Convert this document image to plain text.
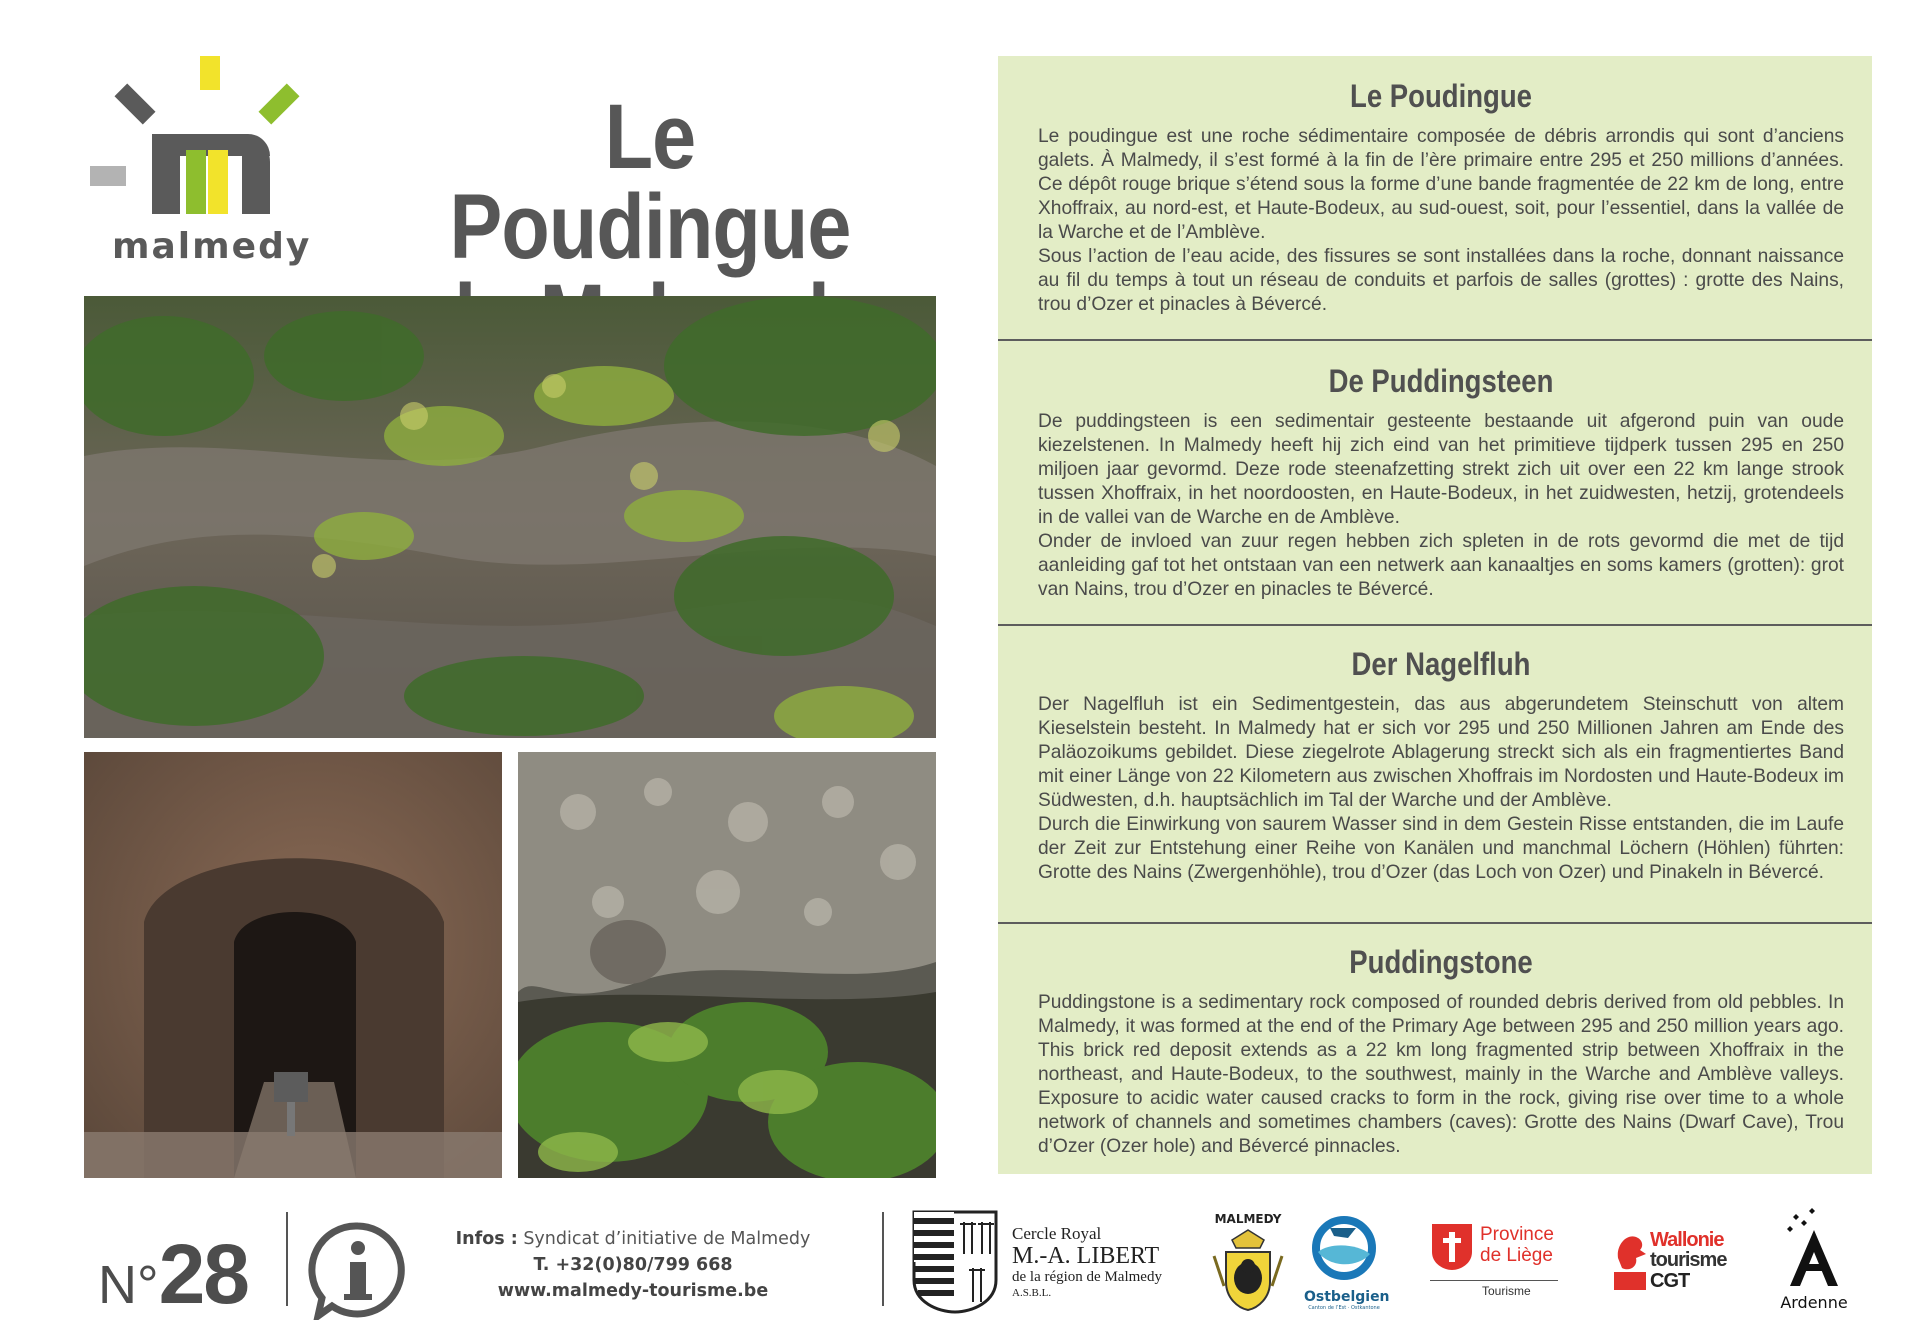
malmedy
Le Poudingue
Le Poudingue

Le poudingue est une roche sédimentaire composée de débris arrondis qui sont d’anciens galets. À Malmedy, il s’est formé à la fin de l’ère primaire entre 295 et 250 millions d’années. Ce dépôt rouge brique s’étend sous la forme d’une bande fragmentée de 22 km de long, entre Xhoffraix, au nord-est, et Haute-Bodeux, au sud-ouest, soit, pour l’essentiel, dans la vallée de la Warche et de l’Amblève.

Sous l’action de l’eau acide, des fissures se sont installées dans la roche, donnant naissance au fil du temps à tout un réseau de conduits et parfois de salles (grottes) : grotte des Nains, trou d’Ozer et pinacles à Bévercé.

De Puddingsteen

De puddingsteen is een sedimentair gesteente bestaande uit afgerond puin van oude kiezelstenen. In Malmedy heeft hij zich eind van het primitieve tijdperk tussen 295 en 250 miljoen jaar gevormd. Deze rode steenafzetting strekt zich uit over een 22 km lange strook tussen Xhoffraix, in het noordoosten, en Haute-Bodeux, in het zuidwesten, hetzij, grotendeels in de vallei van de Warche en de Amblève.

Onder de invloed van zuur regen hebben zich spleten in de rots gevormd die met de tijd aanleiding gaf tot het ontstaan van een netwerk aan kanaaltjes en soms kamers (grotten): grot van Nains, trou d’Ozer en pinacles te Bévercé.

Der Nagelfluh

Der Nagelfluh ist ein Sedimentgestein, das aus abgerundetem Steinschutt von altem Kieselstein besteht. In Malmedy hat er sich vor 295 und 250 Millionen Jahren am Ende des Paläozoikums gebildet. Diese ziegelrote Ablagerung streckt sich als ein fragmentiertes Band mit einer Länge von 22 Kilometern aus zwischen Xhoffrais im Nordosten und Haute-Bodeux im Südwesten, d.h. hauptsächlich im Tal der Warche und der Amblève.

Durch die Einwirkung von saurem Wasser sind in dem Gestein Risse entstanden, die im Laufe der Zeit zur Entstehung einer Reihe von Kanälen und manchmal Löchern (Höhlen) führten: Grotte des Nains (Zwergenhöhle), trou d’Ozer (das Loch von Ozer) und Pinakeln in Bévercé.

Puddingstone

Puddingstone is a sedimentary rock composed of rounded debris derived from old pebbles. In Malmedy, it was formed at the end of the Primary Age between 295 and 250 million years ago. This brick red deposit extends as a 22 km long fragmented strip between Xhoffraix in the northeast, and Haute-Bodeux, to the southwest, mainly in the Warche and Amblève valleys. Exposure to acidic water caused cracks to form in the rock, giving rise over time to a whole network of channels and sometimes chambers (caves): Grotte des Nains (Dwarf Cave), Trou d’Ozer (Ozer hole) and Bévercé pinnacles.

N°28	Infos : Syndicat d’initiative de Malmedy
T. +32(0)80/799 668
www.malmedy-tourisme.be
Cercle Royal
M.-A. LIBERT
de la région de Malmedy
A.S.B.L.
MALMEDY
Ostbelgien
Canton de l’Est · Ostkantone
Province
de Liège
Tourisme
Wallonie
tourisme
CGT
Ardenne
